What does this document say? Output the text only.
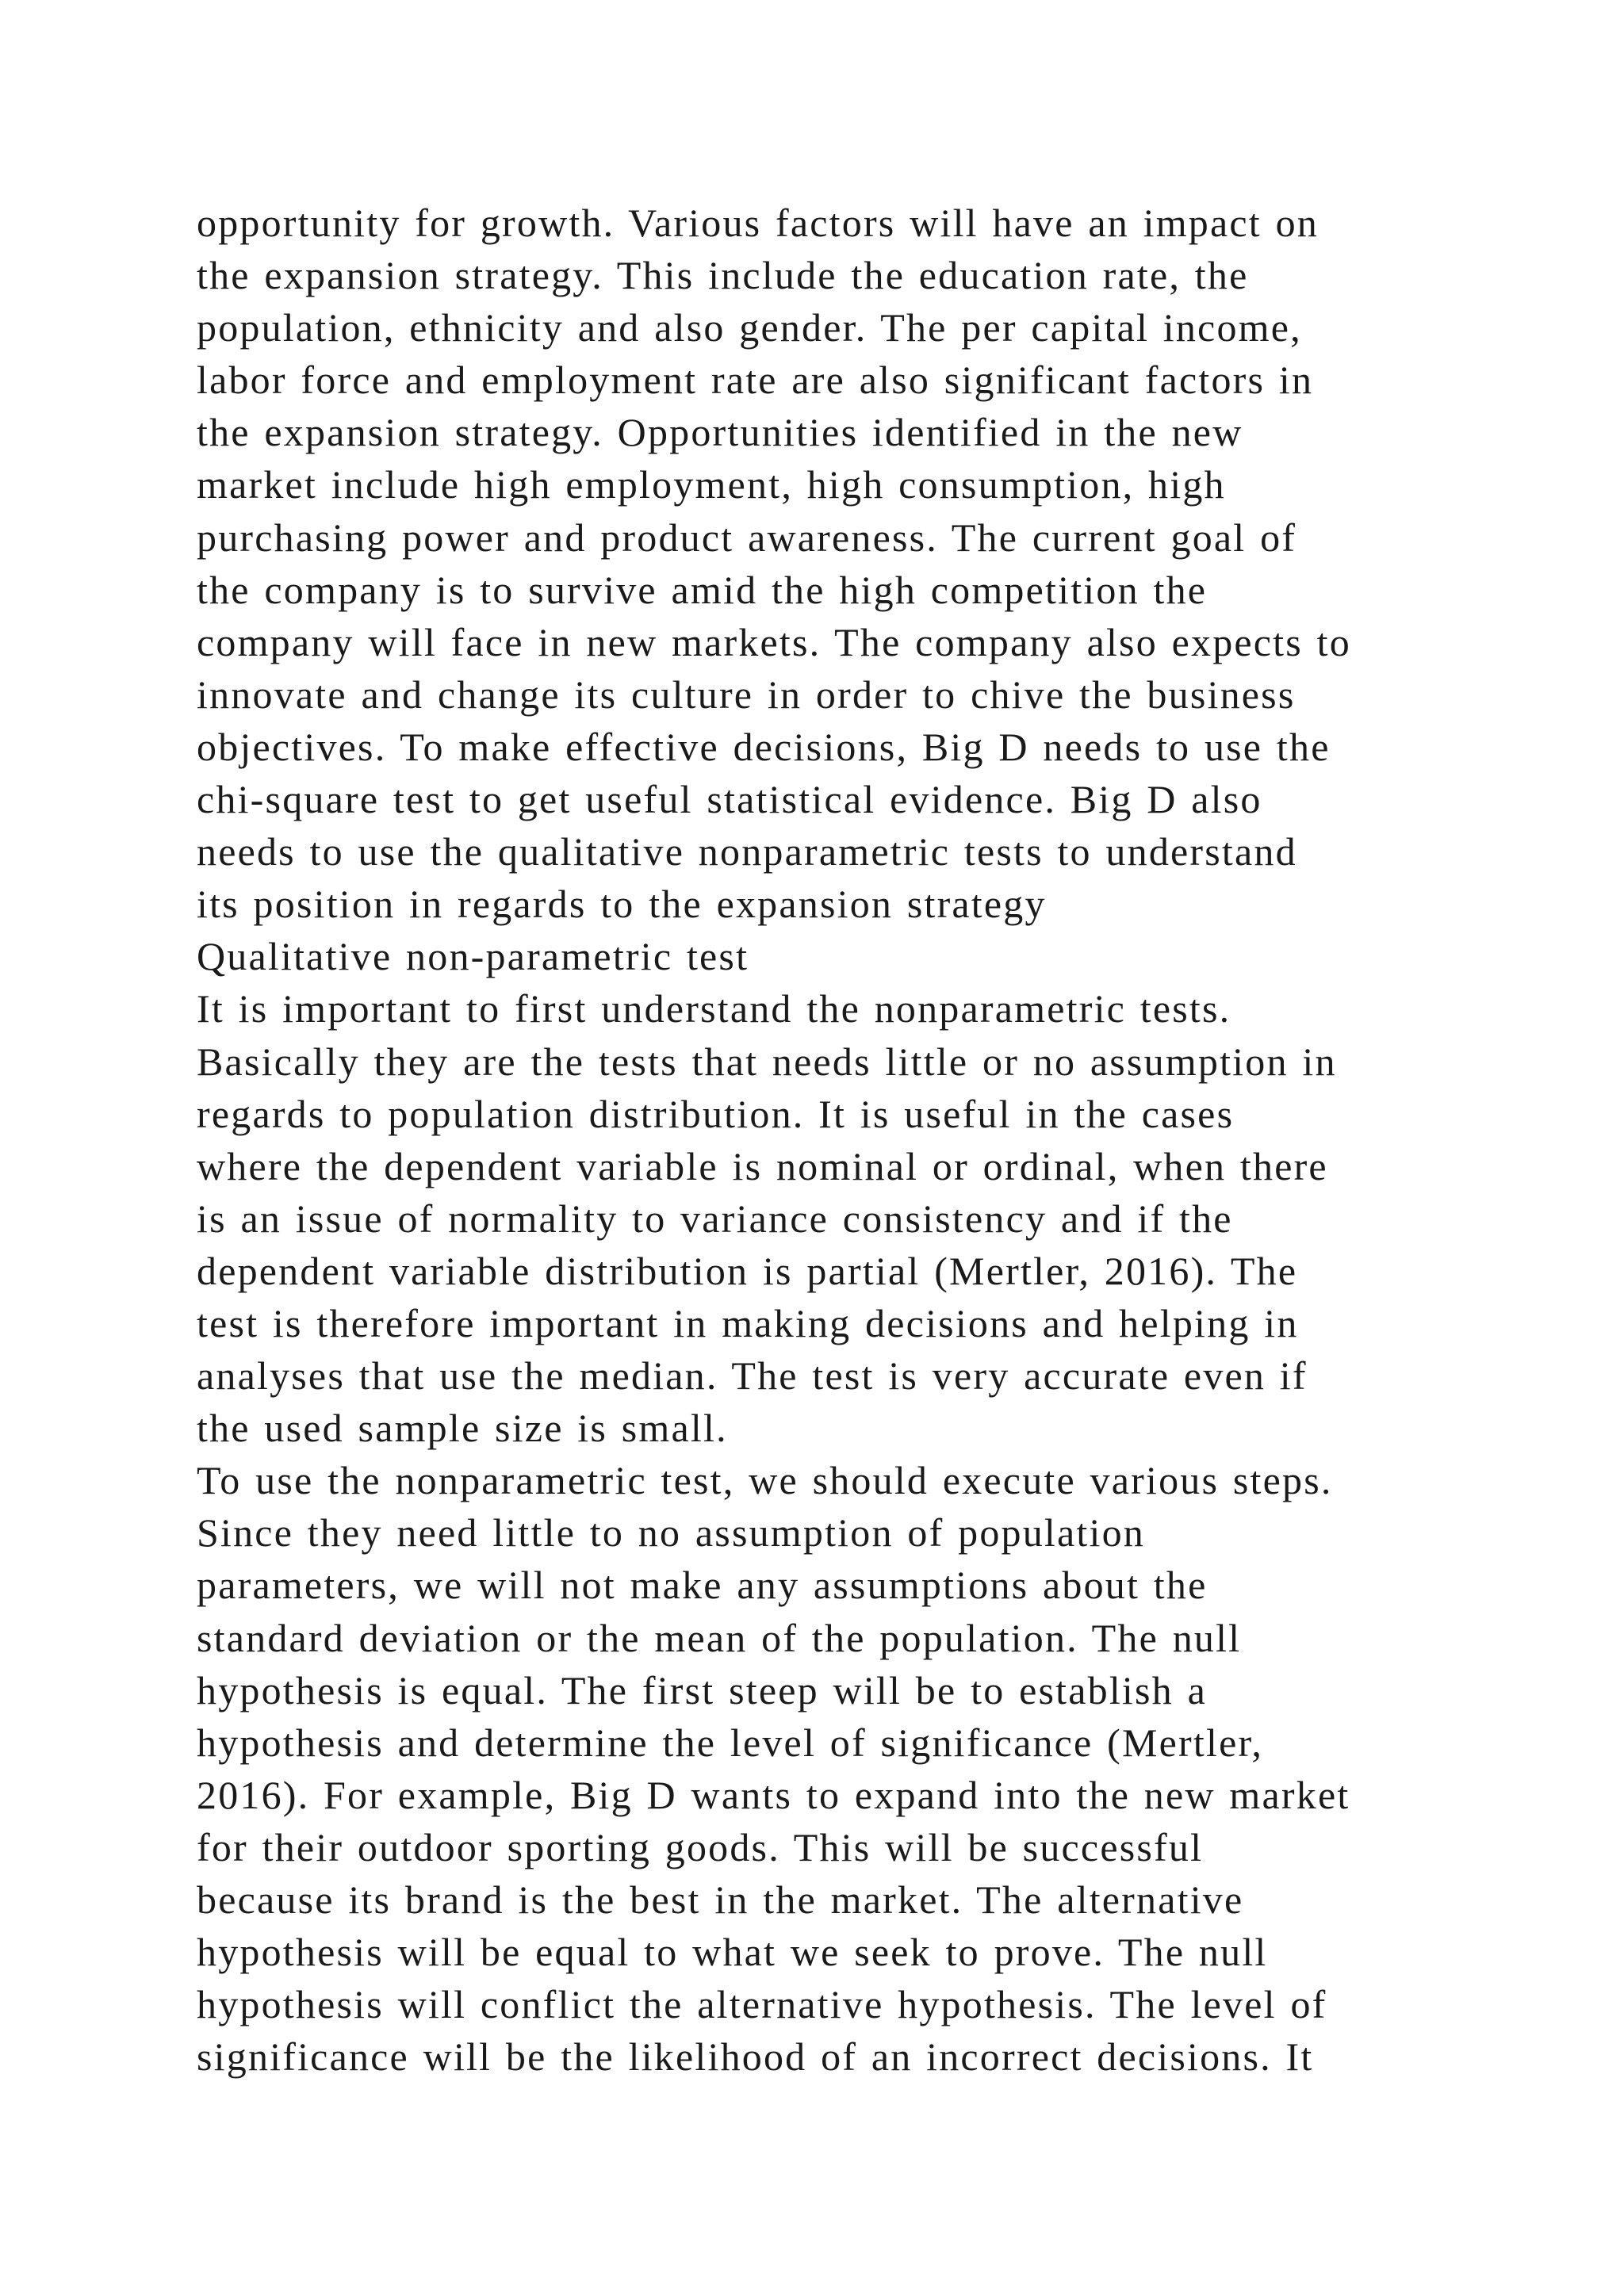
opportunity for growth. Various factors will have an impact on
the expansion strategy. This include the education rate, the
population, ethnicity and also gender. The per capital income,
labor force and employment rate are also significant factors in
the expansion strategy. Opportunities identified in the new
market include high employment, high consumption, high
purchasing power and product awareness. The current goal of
the company is to survive amid the high competition the
company will face in new markets. The company also expects to
innovate and change its culture in order to chive the business
objectives. To make effective decisions, Big D needs to use the
chi-square test to get useful statistical evidence. Big D also
needs to use the qualitative nonparametric tests to understand
its position in regards to the expansion strategy
Qualitative non-parametric test
It is important to first understand the nonparametric tests.
Basically they are the tests that needs little or no assumption in
regards to population distribution. It is useful in the cases
where the dependent variable is nominal or ordinal, when there
is an issue of normality to variance consistency and if the
dependent variable distribution is partial (Mertler, 2016). The
test is therefore important in making decisions and helping in
analyses that use the median. The test is very accurate even if
the used sample size is small.
To use the nonparametric test, we should execute various steps.
Since they need little to no assumption of population
parameters, we will not make any assumptions about the
standard deviation or the mean of the population. The null
hypothesis is equal. The first steep will be to establish a
hypothesis and determine the level of significance (Mertler,
2016). For example, Big D wants to expand into the new market
for their outdoor sporting goods. This will be successful
because its brand is the best in the market. The alternative
hypothesis will be equal to what we seek to prove. The null
hypothesis will conflict the alternative hypothesis. The level of
significance will be the likelihood of an incorrect decisions. It
